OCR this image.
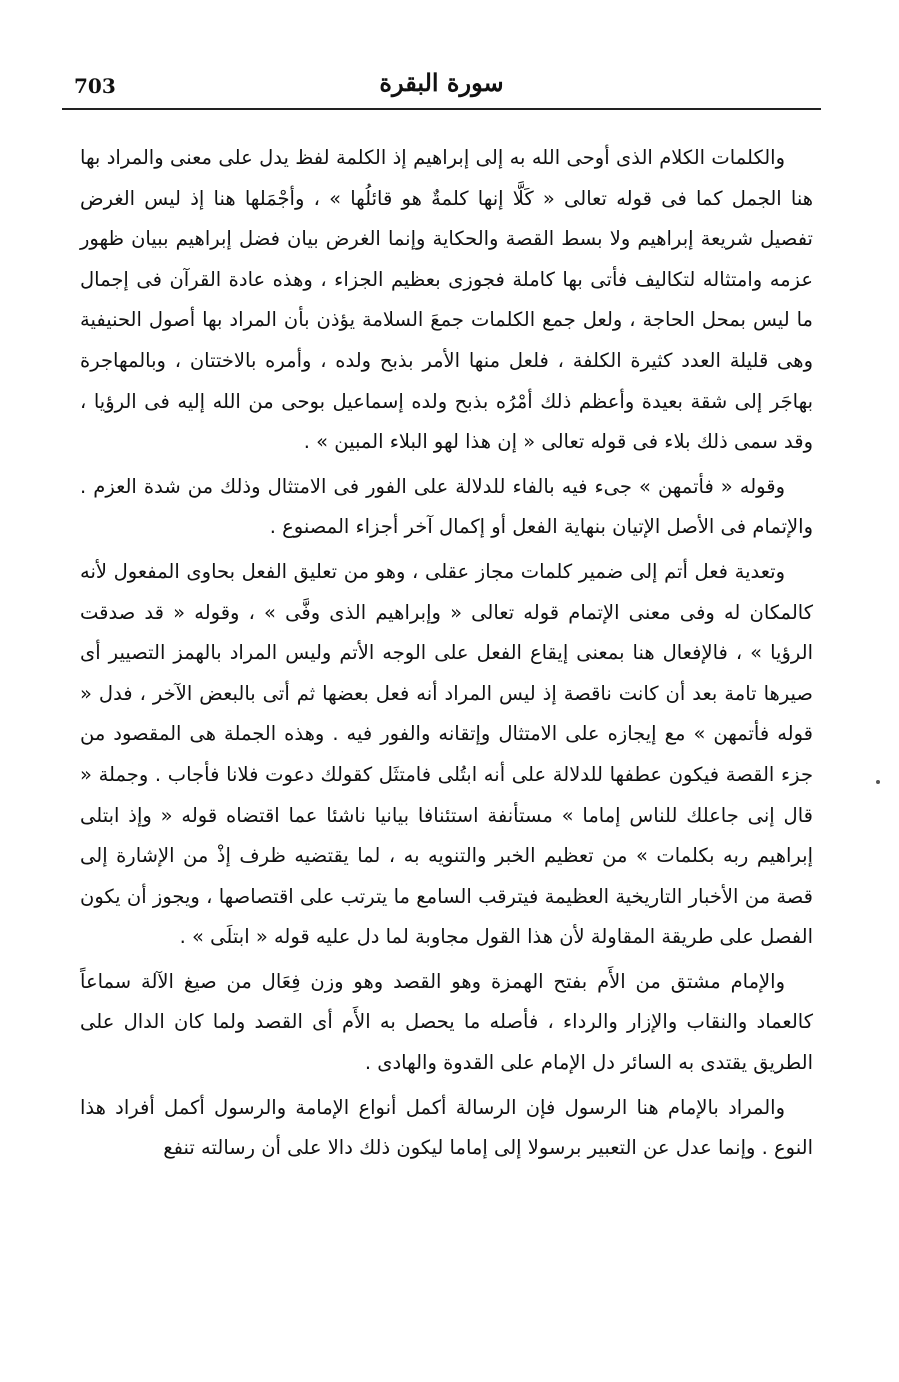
703	سورة البقرة

والكلمات الكلام الذى أوحى الله به إلى إبراهيم إذ الكلمة لفظ يدل على معنى والمراد بها هنا الجمل كما فى قوله تعالى « كَلَّا إنها كلمةٌ هو قائلُها » ، وأجْمَلها هنا إذ ليس الغرض تفصيل شريعة إبراهيم ولا بسط القصة والحكاية وإنما الغرض بيان فضل إبراهيم ببيان ظهور عزمه وامتثاله لتكاليف فأتى بها كاملة فجوزى بعظيم الجزاء ، وهذه عادة القرآن فى إجمال ما ليس بمحل الحاجة ، ولعل جمع الكلمات جمعَ السلامة يؤذن بأن المراد بها أصول الحنيفية وهى قليلة العدد كثيرة الكلفة ، فلعل منها الأمر بذبح ولده ، وأمره بالاختتان ، وبالمهاجرة بهاجَر إلى شقة بعيدة وأعظم ذلك أمْرُه بذبح ولده إسماعيل بوحى من الله إليه فى الرؤيا ، وقد سمى ذلك بلاء فى قوله تعالى « إن هذا لهو البلاء المبين » .

وقوله « فأتمهن » جىء فيه بالفاء للدلالة على الفور فى الامتثال وذلك من شدة العزم . والإتمام فى الأصل الإتيان بنهاية الفعل أو إكمال آخر أجزاء المصنوع .

وتعدية فعل أتم إلى ضمير كلمات مجاز عقلى ، وهو من تعليق الفعل بحاوى المفعول لأنه كالمكان له وفى معنى الإتمام قوله تعالى « وإبراهيم الذى وفَّى » ، وقوله « قد صدقت الرؤيا » ، فالإفعال هنا بمعنى إيقاع الفعل على الوجه الأتم وليس المراد بالهمز التصيير أى صيرها تامة بعد أن كانت ناقصة إذ ليس المراد أنه فعل بعضها ثم أتى بالبعض الآخر ، فدل « قوله فأتمهن » مع إيجازه على الامتثال وإتقانه والفور فيه . وهذه الجملة هى المقصود من جزء القصة فيكون عطفها للدلالة على أنه ابتُلى فامتثَل كقولك دعوت فلانا فأجاب . وجملة « قال إنى جاعلك للناس إماما » مستأنفة استئنافا بيانيا ناشئا عما اقتضاه قوله « وإذ ابتلى إبراهيم ربه بكلمات » من تعظيم الخبر والتنويه به ، لما يقتضيه ظرف إذْ من الإشارة إلى قصة من الأخبار التاريخية العظيمة فيترقب السامع ما يترتب على اقتصاصها ، ويجوز أن يكون الفصل على طريقة المقاولة لأن هذا القول مجاوبة لما دل عليه قوله « ابتلَى » .

والإمام مشتق من الأَم بفتح الهمزة وهو القصد وهو وزن فِعَال من صيغ الآلة سماعاً كالعماد والنقاب والإزار والرداء ، فأصله ما يحصل به الأَم أى القصد ولما كان الدال على الطريق يقتدى به السائر دل الإمام على القدوة والهادى .

والمراد بالإمام هنا الرسول فإن الرسالة أكمل أنواع الإمامة والرسول أكمل أفراد هذا النوع . وإنما عدل عن التعبير برسولا إلى إماما ليكون ذلك دالا على أن رسالته تنفع
